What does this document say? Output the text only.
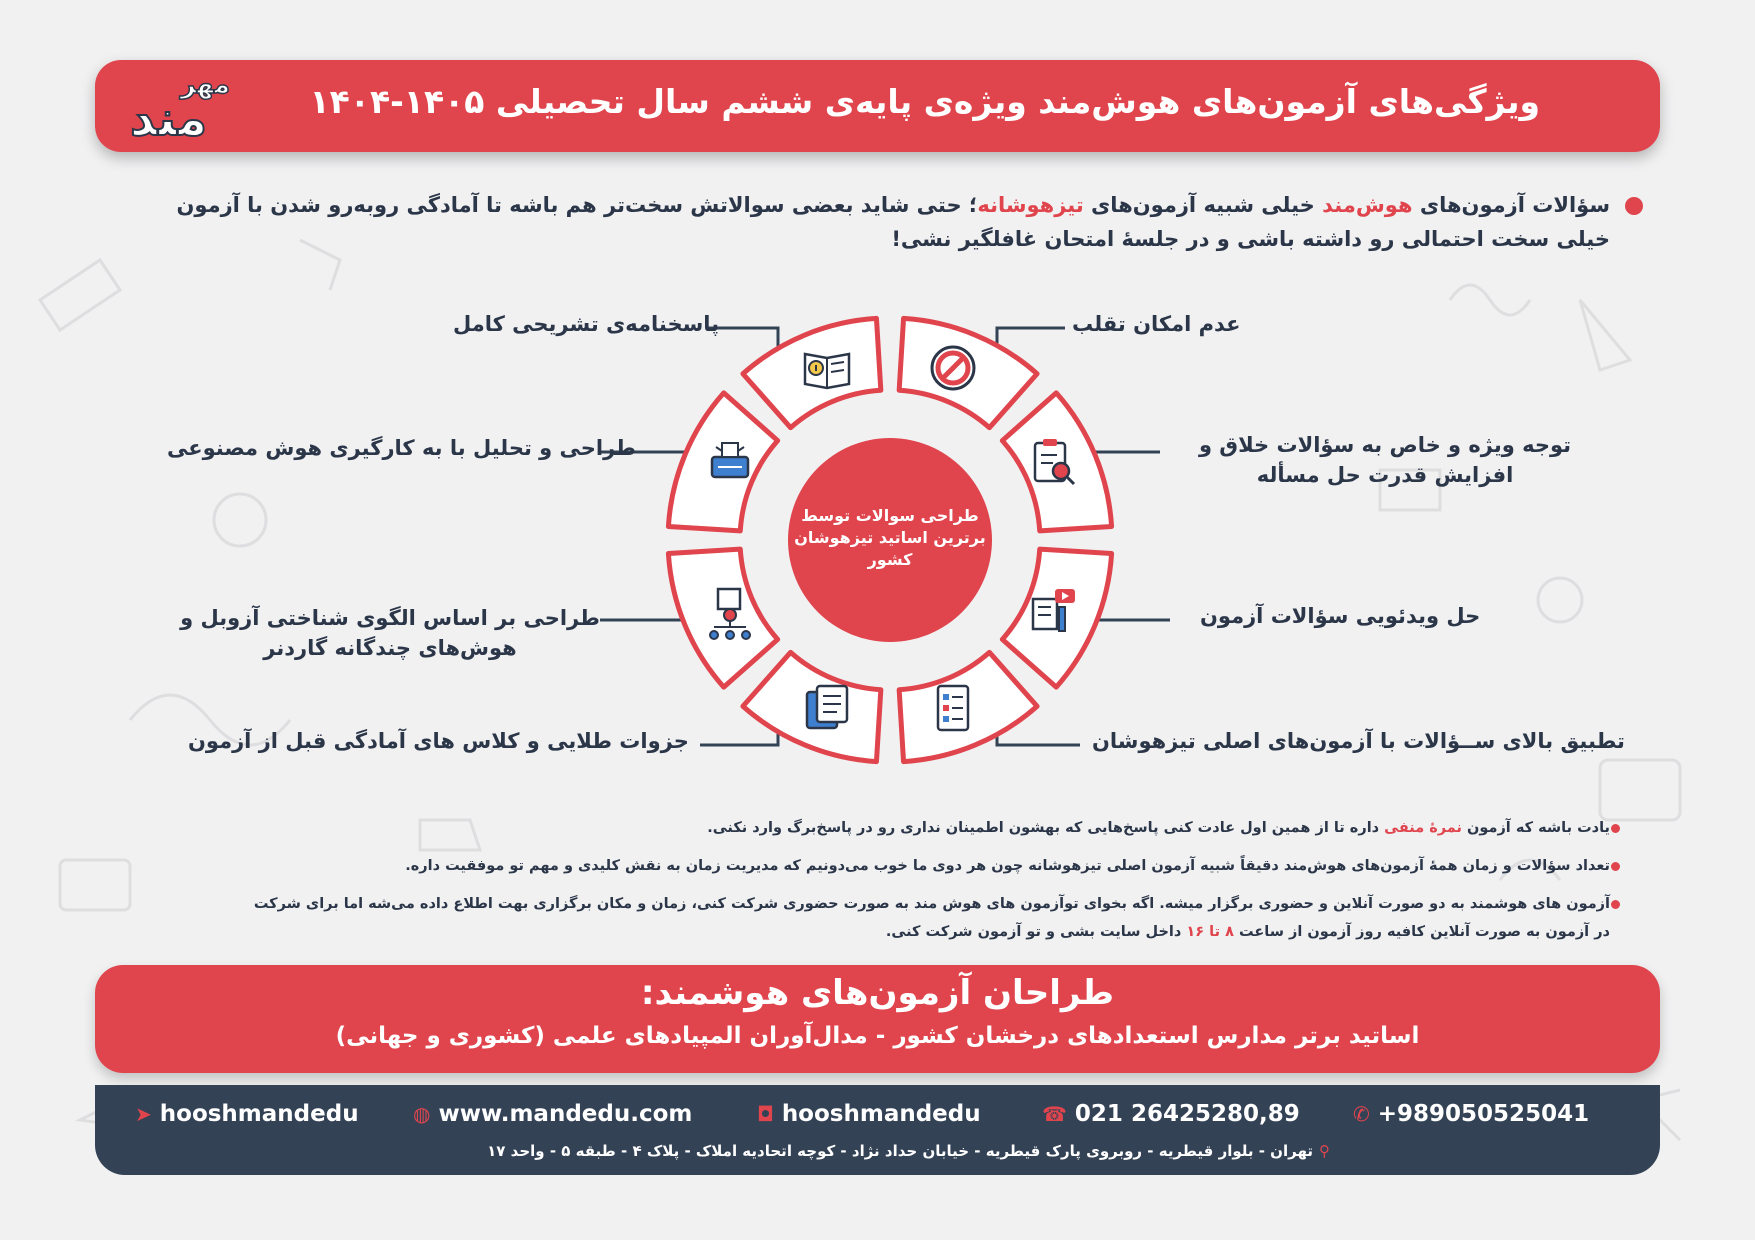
ویژگی‌های آزمون‌های هوش‌مند ویژه‌ی پایه‌ی ششم سال تحصیلی ۱۴۰۵-۱۴۰۴
مهر
مند
سؤالات آزمون‌های هوش‌مند خیلی شبیه آزمون‌های تیزهوشانه؛ حتی شاید بعضی سوالاتش سخت‌تر هم باشه تا آمادگی روبه‌رو شدن با آزمون خیلی سخت احتمالی رو داشته باشی و در جلسهٔ امتحان غافلگیر نشی!
طراحی سوالات توسط برترین اساتید تیزهوشان کشور
عدم امکان تقلب
توجه ویژه و خاص به سؤالات خلاق و افزایش قدرت حل مسأله
حل ویدئویی سؤالات آزمون
تطبیق بالای ســؤالات با آزمون‌های اصلی تیزهوشان
پاسخنامه‌ی تشریحی کامل
طراحی و تحلیل با به کارگیری هوش مصنوعی
طراحی بر اساس الگوی شناختی آزوبل و هوش‌های چندگانه گاردنر
جزوات طلایی و کلاس های آمادگی قبل از آزمون
یادت باشه که آزمون نمرهٔ منفی داره تا از همین اول عادت کنی پاسخ‌هایی که بهشون اطمینان نداری رو در پاسخ‌برگ وارد نکنی.
تعداد سؤالات و زمان همهٔ آزمون‌های هوش‌مند دقیقاً شبیه آزمون اصلی تیزهوشانه چون هر دوی ما خوب می‌دونیم که مدیریت زمان به نقش کلیدی و مهم تو موفقیت داره.
آزمون های هوشمند به دو صورت آنلاین و حضوری برگزار میشه. اگه بخوای توآزمون های هوش مند به صورت حضوری شرکت کنی، زمان و مکان برگزاری بهت اطلاع داده می‌شه اما برای شرکت
در آزمون به صورت آنلاین کافیه روز آزمون از ساعت ۸ تا ۱۶ داخل سایت بشی و تو آزمون شرکت کنی.
طراحان آزمون‌های هوشمند:
اساتید برتر مدارس استعدادهای درخشان کشور - مدال‌آوران المپیادهای علمی (کشوری و جهانی)
➤ hooshmandedu	◍ www.mandedu.com	◘ hooshmandedu	☎ 021 26425280,89	✆ +989050525041
⚲تهران - بلوار قیطریه - روبروی پارک قیطریه - خیابان حداد نژاد - کوچه اتحادیه املاک - پلاک ۴ - طبقه ۵ - واحد ۱۷
